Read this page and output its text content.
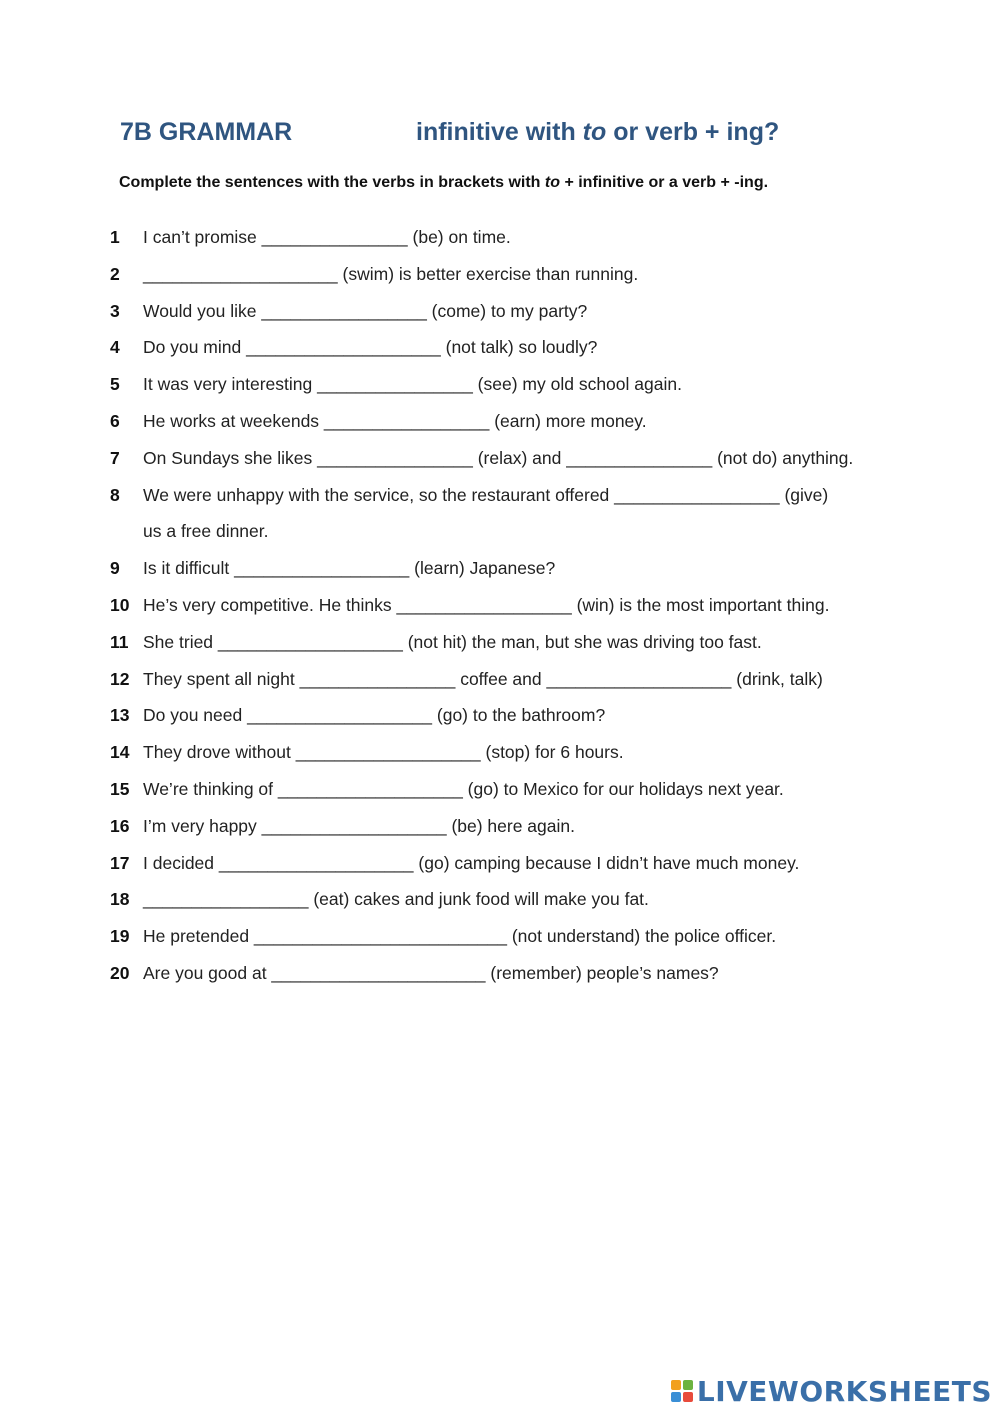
7B GRAMMAR	infinitive with to or verb + ing?
Complete the sentences with the verbs in brackets with to + infinitive or a verb + -ing.
1	I can’t promise _______________ (be) on time.
2	____________________ (swim) is better exercise than running.
3	Would you like _________________ (come) to my party?
4	Do you mind ____________________ (not talk) so loudly?
5	It was very interesting ________________ (see) my old school again.
6	He works at weekends _________________ (earn) more money.
7	On Sundays she likes ________________ (relax) and _______________ (not do) anything.
8	We were unhappy with the service, so the restaurant offered _________________ (give)
us a free dinner.
9	Is it difficult __________________ (learn) Japanese?
10 He’s very competitive. He thinks __________________ (win) is the most important thing.
11 She tried ___________________ (not hit) the man, but she was driving too fast.
12 They spent all night ________________ coffee and ___________________ (drink, talk)
13 Do you need ___________________ (go) to the bathroom?
14 They drove without ___________________ (stop) for 6 hours.
15 We’re thinking of ___________________ (go) to Mexico for our holidays next year.
16 I’m very happy ___________________ (be) here again.
17 I decided ____________________ (go) camping because I didn’t have much money.
18 _________________ (eat) cakes and junk food will make you fat.
19 He pretended __________________________ (not understand) the police officer.
20 Are you good at ______________________ (remember) people’s names?
LIVEWORKSHEETS
